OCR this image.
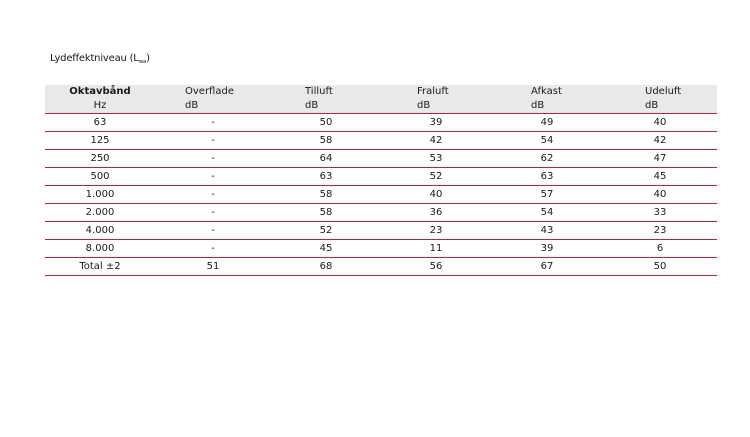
Lydeffektniveau $(L_{wa})$
Oktavbånd	Overflade	Tilluft	Fraluft	Afkast	Udeluft
Hz	dB	dB	dB	dB	dB
63	-	50	39	49	40
125	-	58	42	54	42
250	-	64	53	62	47
500	-	63	52	63	45
1.000	-	58	40	57	40
2.000	-	58	36	54	33
4.000	-	52	23	43	23
8.000	-	45	11	39	6
Total ±2	51	68	56	67	50
